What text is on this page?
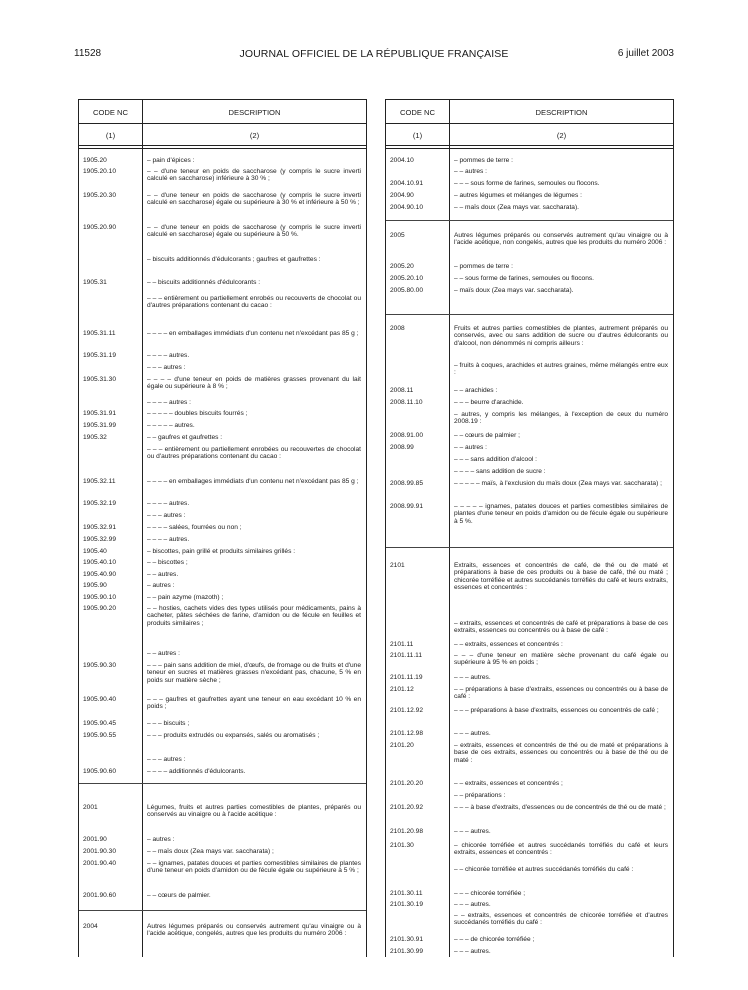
11528	JOURNAL OFFICIEL DE LA RÉPUBLIQUE FRANÇAISE	6 juillet 2003
CODE NC	DESCRIPTION
(1)	(2)
1905.20	– pain d'épices :
1905.20.10	– – d'une teneur en poids de saccharose (y compris le sucre inverti calculé en saccharose) inférieure à 30 % ;
1905.20.30	– – d'une teneur en poids de saccharose (y compris le sucre inverti calculé en saccharose) égale ou supérieure à 30 % et inférieure à 50 % ;
1905.20.90	– – d'une teneur en poids de saccharose (y compris le sucre inverti calculé en saccharose) égale ou supérieure à 50 %.
– biscuits additionnés d'édulcorants ; gaufres et gaufrettes :
1905.31	– – biscuits additionnés d'édulcorants :
– – – entièrement ou partiellement enrobés ou recouverts de chocolat ou d'autres préparations contenant du cacao :
1905.31.11	– – – – en emballages immédiats d'un contenu net n'excédant pas 85 g ;
1905.31.19	– – – – autres.
– – – autres :
1905.31.30	– – – – d'une teneur en poids de matières grasses provenant du lait égale ou supérieure à 8 % ;
– – – – autres :
1905.31.91	– – – – – doubles biscuits fourrés ;
1905.31.99	– – – – – autres.
1905.32	– – gaufres et gaufrettes :
– – – entièrement ou partiellement enrobées ou recouvertes de chocolat ou d'autres préparations contenant du cacao :
1905.32.11	– – – – en emballages immédiats d'un contenu net n'excédant pas 85 g ;
1905.32.19	– – – – autres.
– – – autres :
1905.32.91	– – – – salées, fourrées ou non ;
1905.32.99	– – – – autres.
1905.40	– biscottes, pain grillé et produits similaires grillés :
1905.40.10	– – biscottes ;
1905.40.90	– – autres.
1905.90	– autres :
1905.90.10	– – pain azyme (mazoth) ;
1905.90.20	– – hosties, cachets vides des types utilisés pour médicaments, pains à cacheter, pâtes séchées de farine, d'amidon ou de fécule en feuilles et produits similaires ;
– – autres :
1905.90.30	– – – pain sans addition de miel, d'œufs, de fromage ou de fruits et d'une teneur en sucres et matières grasses n'excédant pas, chacune, 5 % en poids sur matière sèche ;
1905.90.40	– – – gaufres et gaufrettes ayant une teneur en eau excédant 10 % en poids ;
1905.90.45	– – – biscuits ;
1905.90.55	– – – produits extrudés ou expansés, salés ou aromatisés ;
– – – autres :
1905.90.60	– – – – additionnés d'édulcorants.
2001	Légumes, fruits et autres parties comestibles de plantes, préparés ou conservés au vinaigre ou à l'acide acétique :
2001.90	– autres :
2001.90.30	– – maïs doux (Zea mays var. saccharata) ;
2001.90.40	– – ignames, patates douces et parties comestibles similaires de plantes d'une teneur en poids d'amidon ou de fécule égale ou supérieure à 5 % ;
2001.90.60	– – cœurs de palmier.
2004	Autres légumes préparés ou conservés autrement qu'au vinaigre ou à l'acide acétique, congelés, autres que les produits du numéro 2006 :
CODE NC	DESCRIPTION
(1)	(2)
2004.10	– pommes de terre :
– – autres :
2004.10.91	– – – sous forme de farines, semoules ou flocons.
2004.90	– autres légumes et mélanges de légumes :
2004.90.10	– – maïs doux (Zea mays var. saccharata).
2005	Autres légumes préparés ou conservés autrement qu'au vinaigre ou à l'acide acétique, non congelés, autres que les produits du numéro 2006 :
2005.20	– pommes de terre :
2005.20.10	– – sous forme de farines, semoules ou flocons.
2005.80.00	– maïs doux (Zea mays var. saccharata).
2008	Fruits et autres parties comestibles de plantes, autrement préparés ou conservés, avec ou sans addition de sucre ou d'autres édulcorants ou d'alcool, non dénommés ni compris ailleurs :
– fruits à coques, arachides et autres graines, même mélangés entre eux :
2008.11	– – arachides :
2008.11.10	– – – beurre d'arachide.
– autres, y compris les mélanges, à l'exception de ceux du numéro 2008.19 :
2008.91.00	– – cœurs de palmier ;
2008.99	– – autres :
– – – sans addition d'alcool :
– – – – sans addition de sucre :
2008.99.85	– – – – – maïs, à l'exclusion du maïs doux (Zea mays var. saccharata) ;
2008.99.91	– – – – – ignames, patates douces et parties comestibles similaires de plantes d'une teneur en poids d'amidon ou de fécule égale ou supérieure à 5 %.
2101	Extraits, essences et concentrés de café, de thé ou de maté et préparations à base de ces produits ou à base de café, thé ou maté ; chicorée torréfiée et autres succédanés torréfiés du café et leurs extraits, essences et concentrés :
– extraits, essences et concentrés de café et préparations à base de ces extraits, essences ou concentrés ou à base de café :
2101.11	– – extraits, essences et concentrés :
2101.11.11	– – – d'une teneur en matière sèche provenant du café égale ou supérieure à 95 % en poids ;
2101.11.19	– – – autres.
2101.12	– – préparations à base d'extraits, essences ou concentrés ou à base de café :
2101.12.92	– – – préparations à base d'extraits, essences ou concentrés de café ;
2101.12.98	– – – autres.
2101.20	– extraits, essences et concentrés de thé ou de maté et préparations à base de ces extraits, essences ou concentrés ou à base de thé ou de maté :
2101.20.20	– – extraits, essences et concentrés ;
– – préparations :
2101.20.92	– – – à base d'extraits, d'essences ou de concentrés de thé ou de maté ;
2101.20.98	– – – autres.
2101.30	– chicorée torréfiée et autres succédanés torréfiés du café et leurs extraits, essences et concentrés :
– – chicorée torréfiée et autres succédanés torréfiés du café :
2101.30.11	– – – chicorée torréfiée ;
2101.30.19	– – – autres.
– – extraits, essences et concentrés de chicorée torréfiée et d'autres succédanés torréfiés du café :
2101.30.91	– – – de chicorée torréfiée ;
2101.30.99	– – – autres.
